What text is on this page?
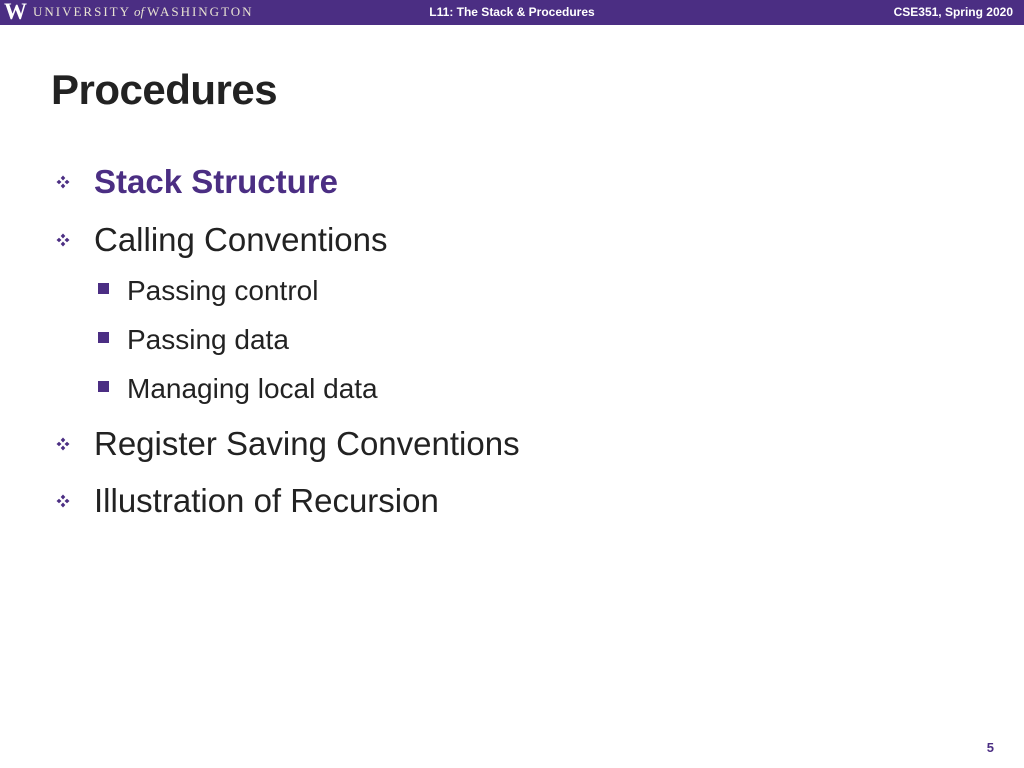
W UNIVERSITY of WASHINGTON	L11: The Stack & Procedures	CSE351, Spring 2020
Procedures
Stack Structure
Calling Conventions
Passing control
Passing data
Managing local data
Register Saving Conventions
Illustration of Recursion
5
